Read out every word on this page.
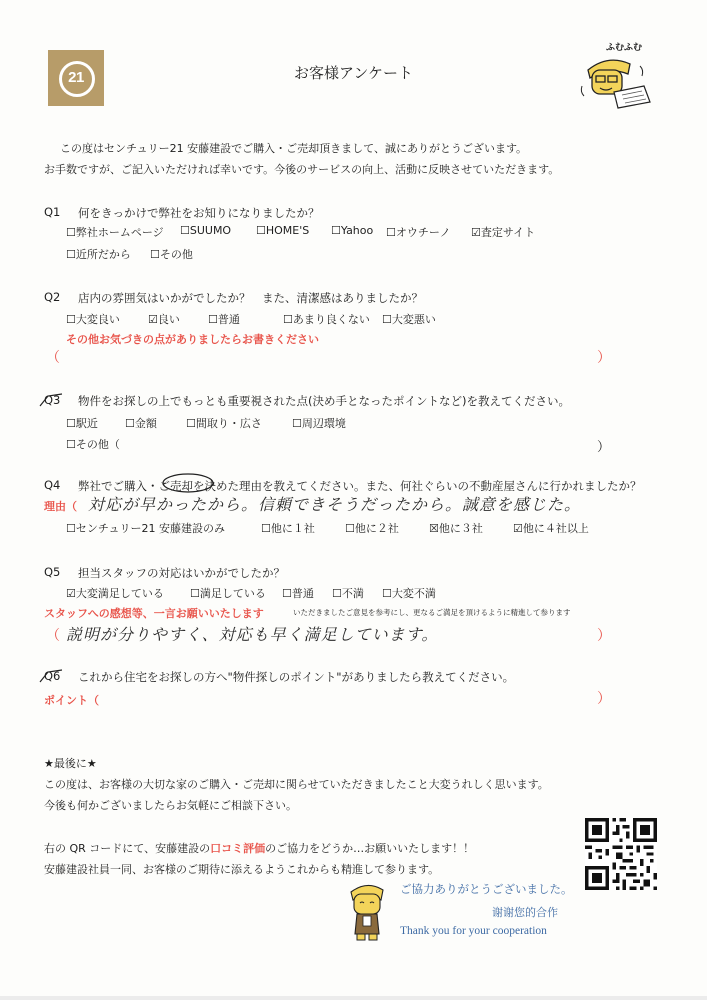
21	お客様アンケート
ふむふむ
この度はセンチュリー21 安藤建設でご購入・ご売却頂きまして、誠にありがとうございます。
お手数ですが、ご記入いただければ幸いです。今後のサービスの向上、活動に反映させていただきます。
Q1 何をきっかけで弊社をお知りになりましたか？
☐弊社ホームページ ☐SUUMO ☐HOME'S ☐Yahoo ☐オウチーノ ☑査定サイト
☐近所だから ☐その他
Q2 店内の雰囲気はいかがでしたか？　また、清潔感はありましたか？
☐大変良い	☑良い	☐普通	☐あまり良くない ☐大変悪い
その他お気づきの点がありましたらお書きください
（	）
Q3 物件をお探しの上でもっとも重要視された点(決め手となったポイントなど)を教えてください。
☐駅近 ☐金額	☐間取り・広さ	☐周辺環境
☐その他（	）
Q4 弊社でご購入・ご売却を決めた理由を教えてください。また、何社ぐらいの不動産屋さんに行かれましたか？
理由（ 対応が早かったから。信頼できそうだったから。誠意を感じた。
☐センチュリー21 安藤建設のみ	☐他に１社	☐他に２社	☒他に３社	☑他に４社以上
Q5 担当スタッフの対応はいかがでしたか？
☑大変満足している ☐満足している ☐普通 ☐不満 ☐大変不満
スタッフへの感想等、一言お願いいたします	いただきましたご意見を参考にし、更なるご満足を頂けるように精進して参ります
（ 説明が分りやすく、対応も早く満足しています。	）
Q6 これから住宅をお探しの方へ"物件探しのポイント"がありましたら教えてください。
ポイント（	）
★最後に★
この度は、お客様の大切な家のご購入・ご売却に関らせていただきましたこと大変うれしく思います。
今後も何かございましたらお気軽にご相談下さい。
右の QR コードにて、安藤建設の口コミ評価のご協力をどうか…お願いいたします！！
安藤建設社員一同、お客様のご期待に添えるようこれからも精進して参ります。
ご協力ありがとうございました。
谢谢您的合作
Thank you for your cooperation
